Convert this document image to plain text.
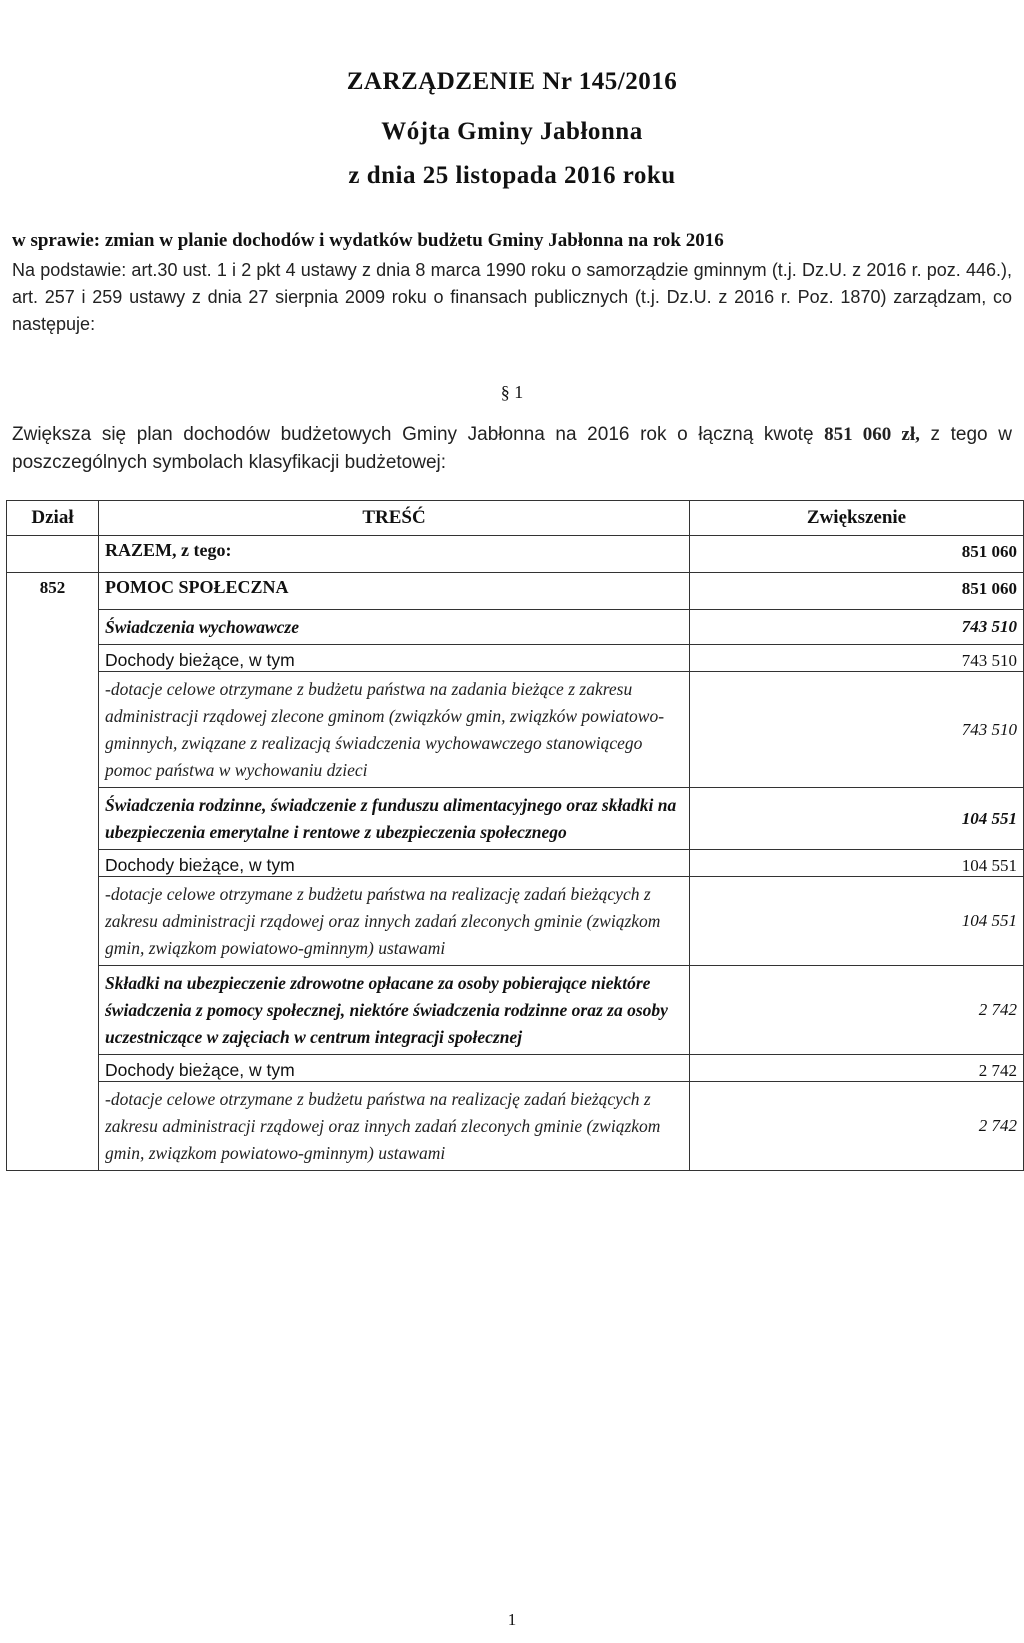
ZARZĄDZENIE Nr 145/2016
Wójta Gminy Jabłonna
z dnia 25 listopada 2016 roku
w sprawie: zmian w planie dochodów i wydatków budżetu Gminy Jabłonna na rok 2016
Na podstawie: art.30 ust. 1 i 2 pkt 4 ustawy z dnia 8 marca 1990 roku o samorządzie gminnym (t.j. Dz.U. z 2016 r. poz. 446.), art. 257 i 259 ustawy z dnia 27 sierpnia 2009 roku o finansach publicznych (t.j. Dz.U. z 2016 r. Poz. 1870) zarządzam, co następuje:
§ 1
Zwiększa się plan dochodów budżetowych Gminy Jabłonna na 2016 rok o łączną kwotę 851 060 zł, z tego w poszczególnych symbolach klasyfikacji budżetowej:
Dział	TREŚĆ	Zwiększenie
	RAZEM, z tego:	851 060
852	POMOC SPOŁECZNA	851 060
	Świadczenia wychowawcze	743 510
	Dochody bieżące, w tym	743 510
	-dotacje celowe otrzymane z budżetu państwa na zadania bieżące z zakresu administracji rządowej zlecone gminom (związków gmin, związków powiatowo-gminnych, związane z realizacją świadczenia wychowawczego stanowiącego pomoc państwa w wychowaniu dzieci	743 510
	Świadczenia rodzinne, świadczenie z funduszu alimentacyjnego oraz składki na ubezpieczenia emerytalne i rentowe z ubezpieczenia społecznego	104 551
	Dochody bieżące, w tym	104 551
	-dotacje celowe otrzymane z budżetu państwa na realizację zadań bieżących z zakresu administracji rządowej oraz innych zadań zleconych gminie (związkom gmin, związkom powiatowo-gminnym) ustawami	104 551
	Składki na ubezpieczenie zdrowotne opłacane za osoby pobierające niektóre świadczenia z pomocy społecznej, niektóre świadczenia rodzinne oraz za osoby uczestniczące w zajęciach w centrum integracji społecznej	2 742
	Dochody bieżące, w tym	2 742
	-dotacje celowe otrzymane z budżetu państwa na realizację zadań bieżących z zakresu administracji rządowej oraz innych zadań zleconych gminie (związkom gmin, związkom powiatowo-gminnym) ustawami	2 742
1
